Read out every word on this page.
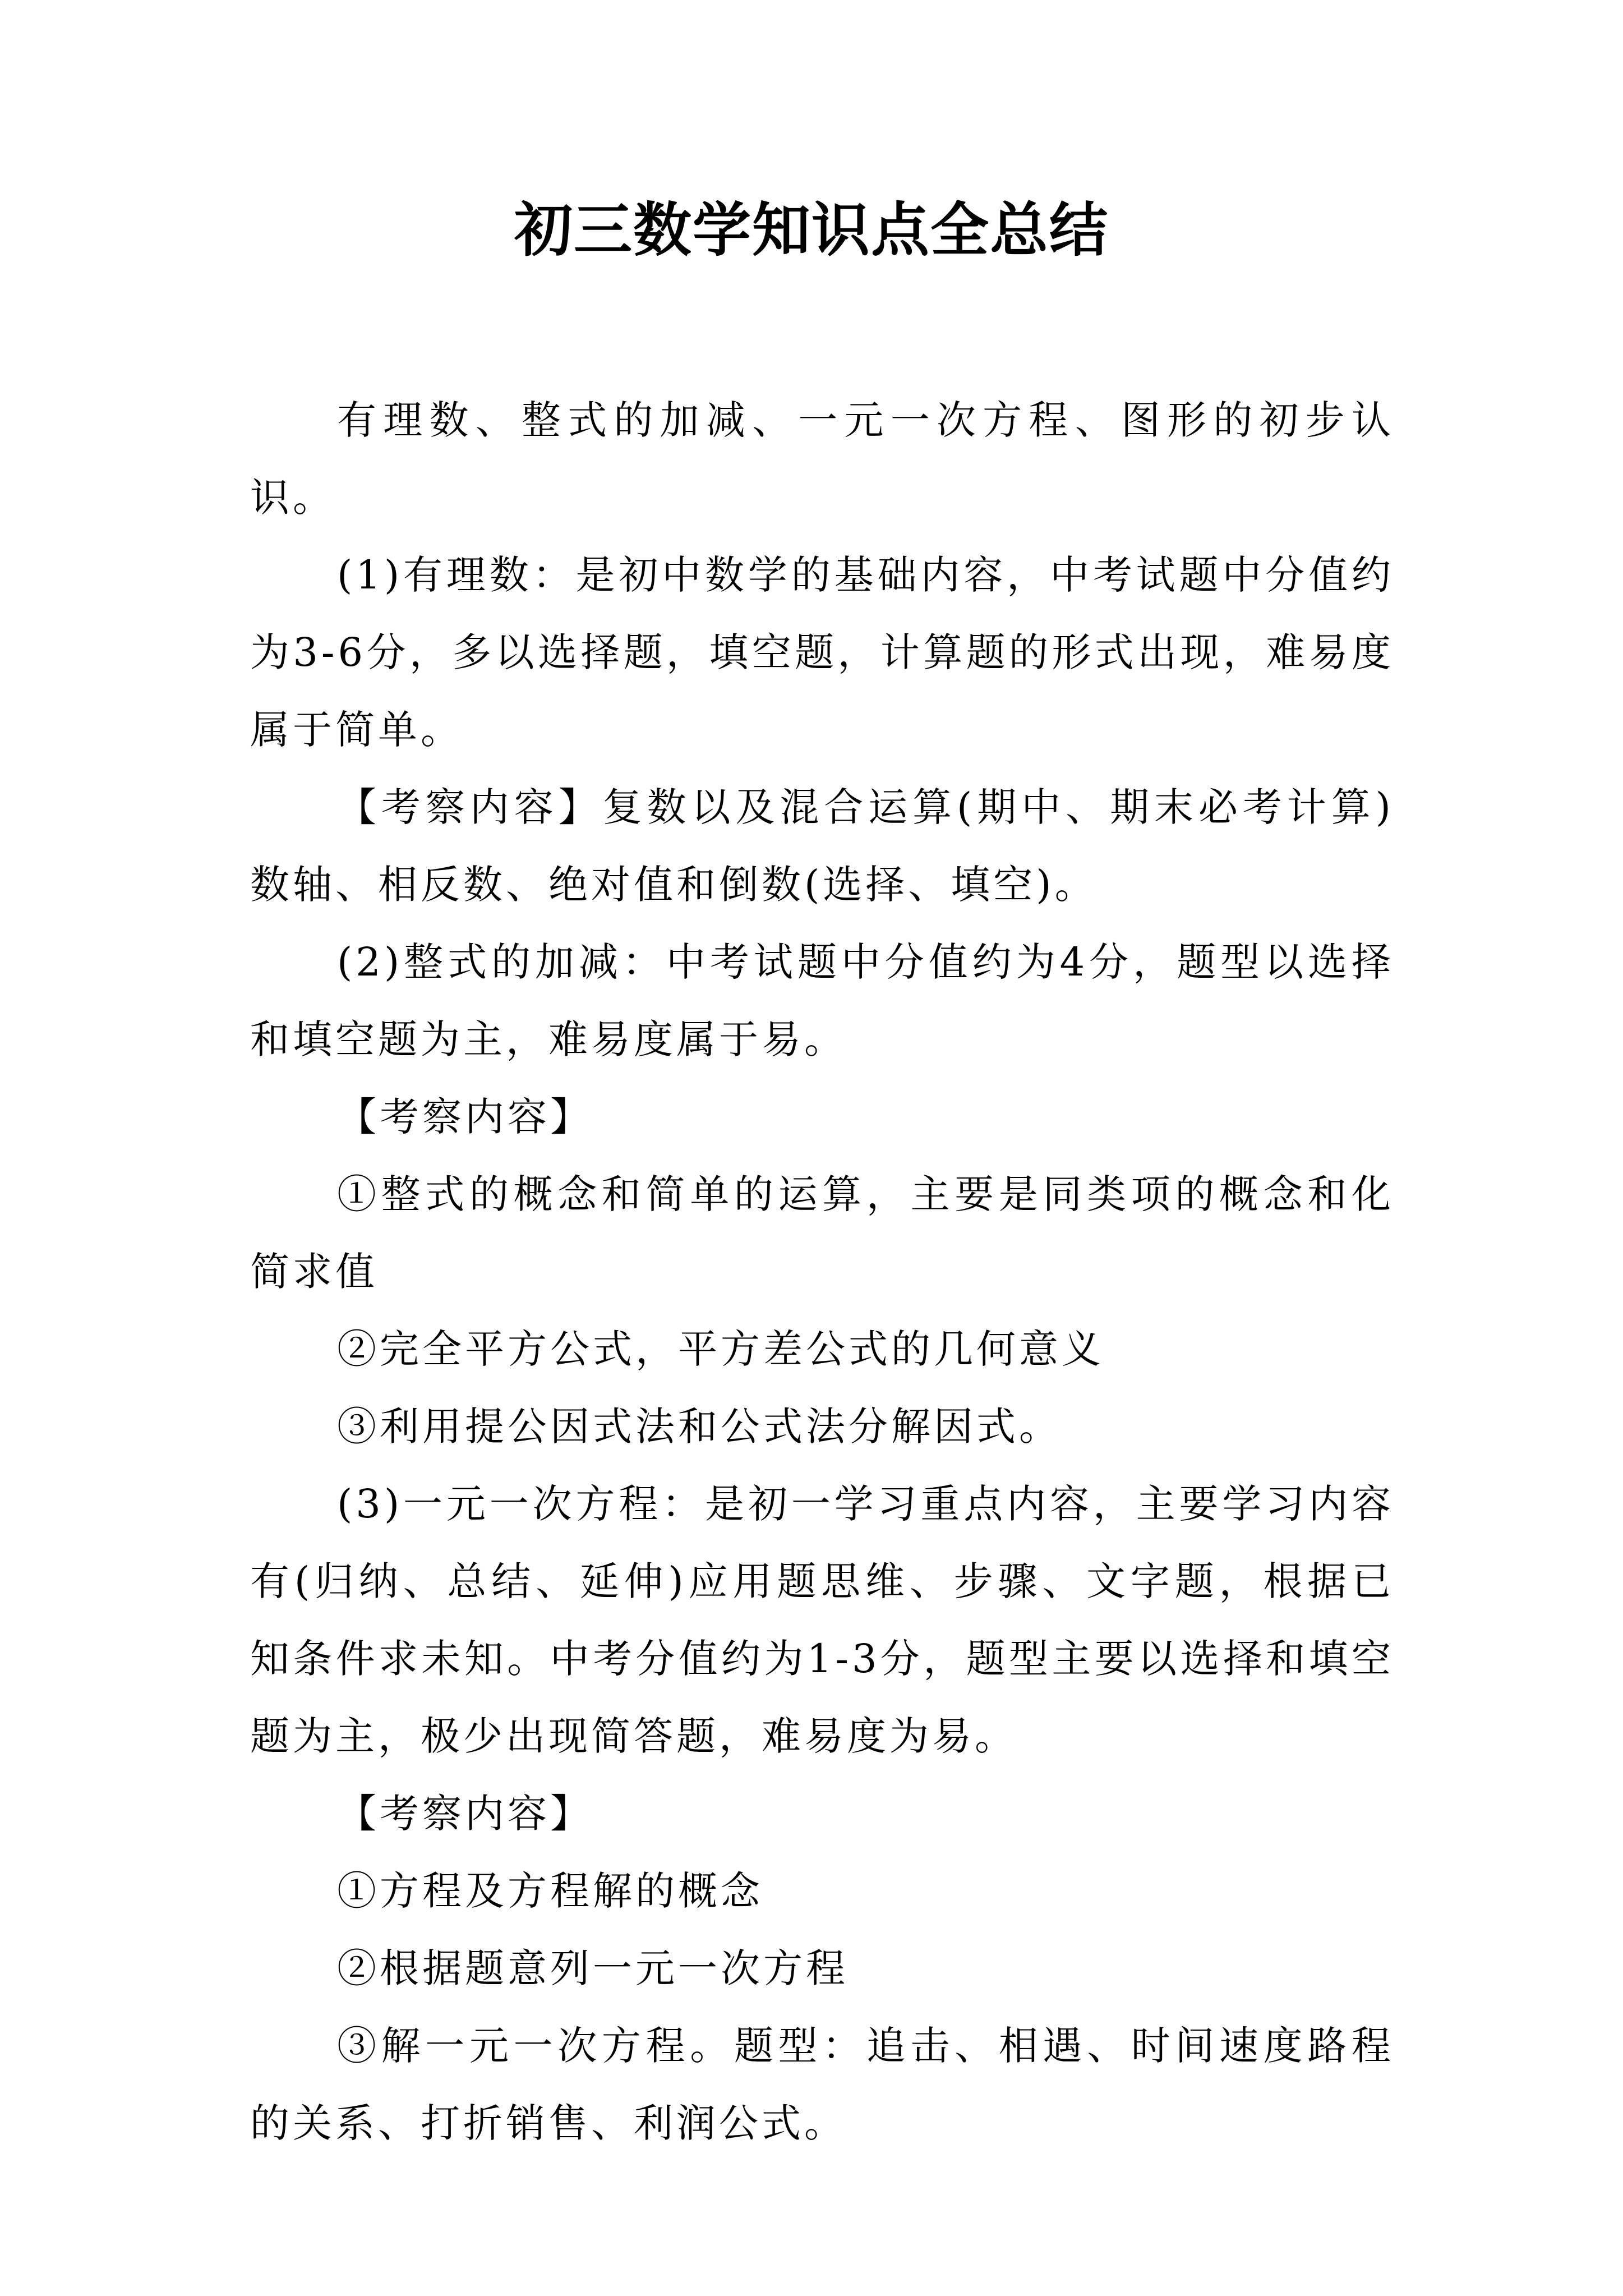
初三数学知识点全总结

有理数、整式的加减、一元一次方程、图形的初步认识。

(1)有理数：是初中数学的基础内容，中考试题中分值约为3-6分，多以选择题，填空题，计算题的形式出现，难易度属于简单。

【考察内容】复数以及混合运算(期中、期末必考计算)数轴、相反数、绝对值和倒数(选择、填空)。

(2)整式的加减：中考试题中分值约为4分，题型以选择和填空题为主，难易度属于易。

【考察内容】

①整式的概念和简单的运算，主要是同类项的概念和化简求值

②完全平方公式，平方差公式的几何意义

③利用提公因式法和公式法分解因式。

(3)一元一次方程：是初一学习重点内容，主要学习内容有(归纳、总结、延伸)应用题思维、步骤、文字题，根据已知条件求未知。中考分值约为1-3分，题型主要以选择和填空题为主，极少出现简答题，难易度为易。

【考察内容】

①方程及方程解的概念

②根据题意列一元一次方程

③解一元一次方程。题型：追击、相遇、时间速度路程的关系、打折销售、利润公式。
